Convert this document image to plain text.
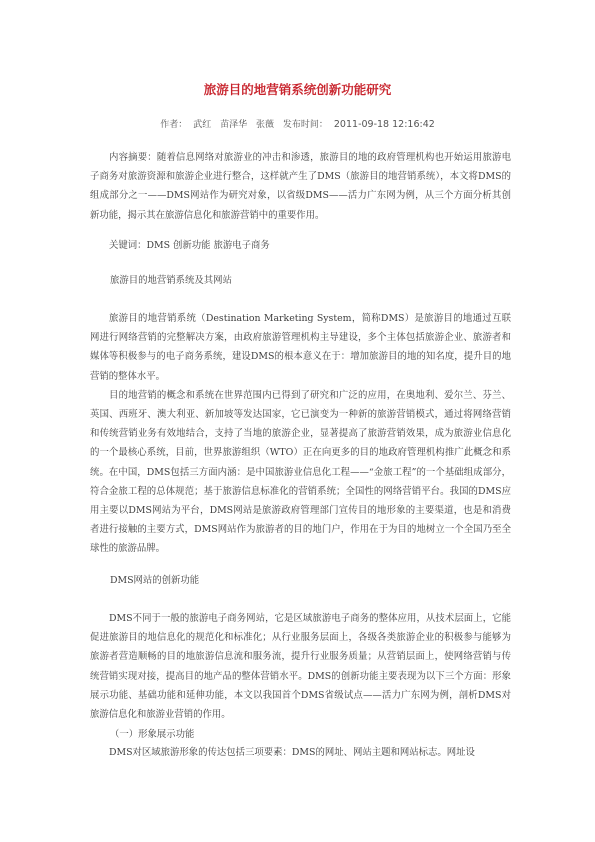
旅游目的地营销系统创新功能研究
作者： 武红 苗泽华 张薇 发布时间： 2011-09-18 12:16:42

内容摘要：随着信息网络对旅游业的冲击和渗透，旅游目的地的政府管理机构也开始运用旅游电子商务对旅游资源和旅游企业进行整合，这样就产生了DMS（旅游目的地营销系统），本文将DMS的组成部分之一——DMS网站作为研究对象，以省级DMS——活力广东网为例，从三个方面分析其创新功能，揭示其在旅游信息化和旅游营销中的重要作用。

关键词：DMS 创新功能 旅游电子商务

旅游目的地营销系统及其网站

旅游目的地营销系统（Destination Marketing System，简称DMS）是旅游目的地通过互联网进行网络营销的完整解决方案，由政府旅游管理机构主导建设，多个主体包括旅游企业、旅游者和媒体等积极参与的电子商务系统，建设DMS的根本意义在于：增加旅游目的地的知名度，提升目的地营销的整体水平。

目的地营销的概念和系统在世界范围内已得到了研究和广泛的应用，在奥地利、爱尔兰、芬兰、英国、西班牙、澳大利亚、新加坡等发达国家，它已演变为一种新的旅游营销模式，通过将网络营销和传统营销业务有效地结合，支持了当地的旅游企业，显著提高了旅游营销效果，成为旅游业信息化的一个最核心系统，目前，世界旅游组织（WTO）正在向更多的目的地政府管理机构推广此概念和系统。在中国，DMS包括三方面内涵：是中国旅游业信息化工程——“金旅工程”的一个基础组成部分，符合金旅工程的总体规范；基于旅游信息标准化的营销系统；全国性的网络营销平台。我国的DMS应用主要以DMS网站为平台，DMS网站是旅游政府管理部门宣传目的地形象的主要渠道，也是和消费者进行接触的主要方式，DMS网站作为旅游者的目的地门户，作用在于为目的地树立一个全国乃至全球性的旅游品牌。

DMS网站的创新功能

DMS不同于一般的旅游电子商务网站，它是区域旅游电子商务的整体应用，从技术层面上，它能促进旅游目的地信息化的规范化和标准化；从行业服务层面上，各级各类旅游企业的积极参与能够为旅游者营造顺畅的目的地旅游信息流和服务流，提升行业服务质量；从营销层面上，使网络营销与传统营销实现对接，提高目的地产品的整体营销水平。DMS的创新功能主要表现为以下三个方面：形象展示功能、基础功能和延伸功能，本文以我国首个DMS省级试点——活力广东网为例，剖析DMS对旅游信息化和旅游业营销的作用。

（一）形象展示功能

DMS对区域旅游形象的传达包括三项要素：DMS的网址、网站主题和网站标志。网址设
